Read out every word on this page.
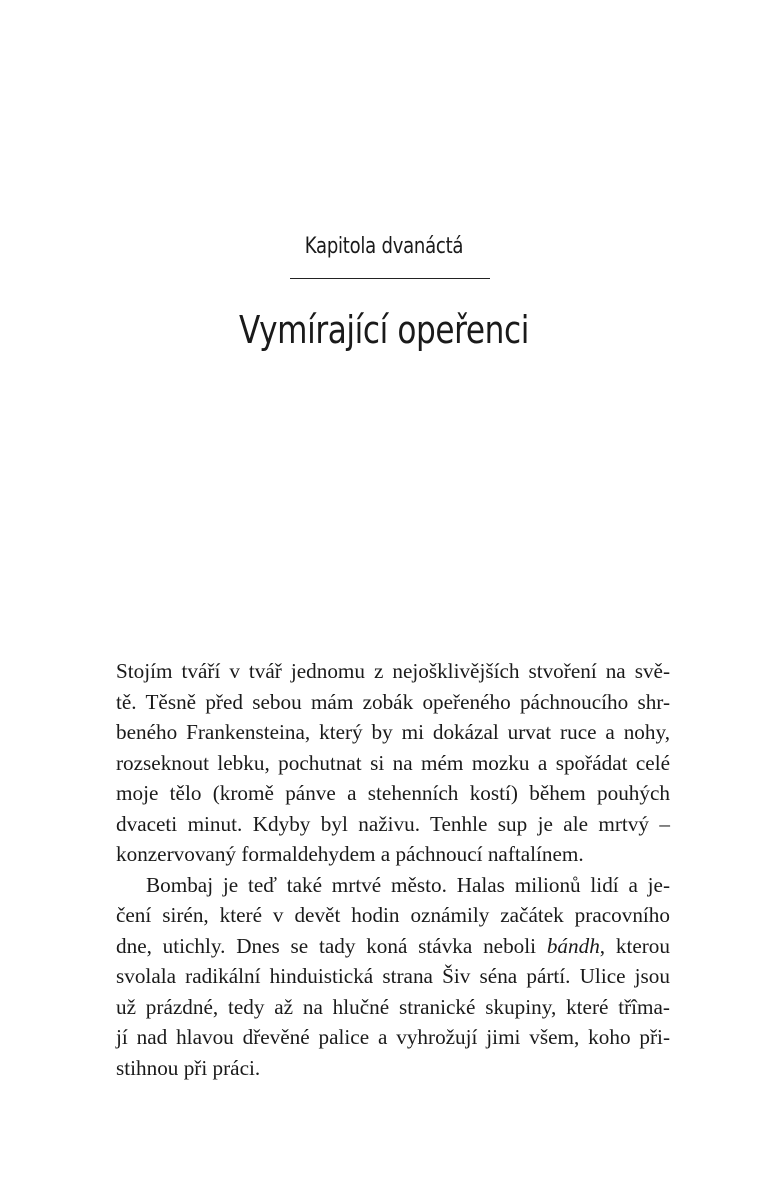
Kapitola dvanáctá
Vymírající opeřenci
Stojím tváří v tvář jednomu z nejošklivějších stvoření na svě-
tě. Těsně před sebou mám zobák opeřeného páchnoucího shr-
beného Frankensteina, který by mi dokázal urvat ruce a nohy,
rozseknout lebku, pochutnat si na mém mozku a spořádat celé
moje tělo (kromě pánve a stehenních kostí) během pouhých
dvaceti minut. Kdyby byl naživu. Tenhle sup je ale mrtvý –
konzervovaný formaldehydem a páchnoucí naftalínem.
Bombaj je teď také mrtvé město. Halas milionů lidí a je-
čení sirén, které v devět hodin oznámily začátek pracovního
dne, utichly. Dnes se tady koná stávka neboli bándh, kterou
svolala radikální hinduistická strana Šiv séna pártí. Ulice jsou
už prázdné, tedy až na hlučné stranické skupiny, které třîma-
jí nad hlavou dřevěné palice a vyhrožují jimi všem, koho při-
stihnou při práci.
